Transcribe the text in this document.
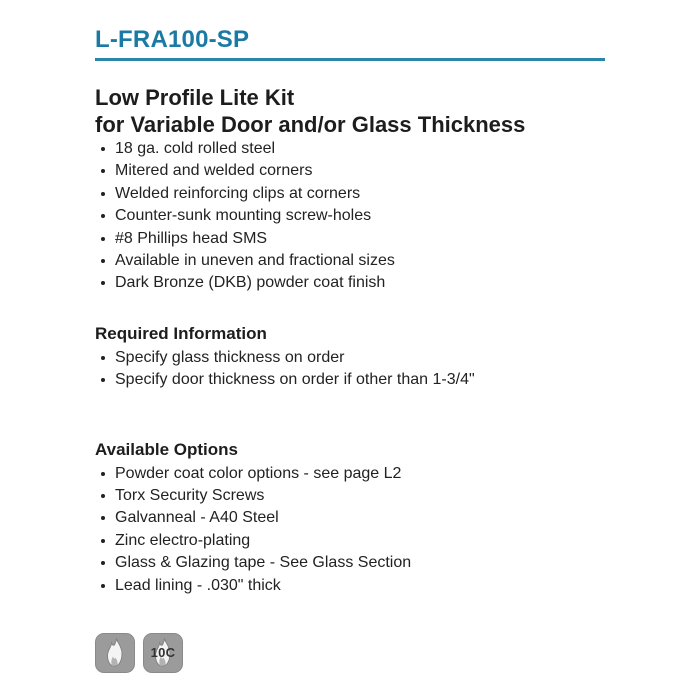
L-FRA100-SP
Low Profile Lite Kit
for Variable Door and/or Glass Thickness
18 ga. cold rolled steel
Mitered and welded corners
Welded reinforcing clips at corners
Counter-sunk mounting screw-holes
#8 Phillips head SMS
Available in uneven and fractional sizes
Dark Bronze (DKB) powder coat finish
Required Information
Specify glass thickness on order
Specify door thickness on order if other than 1-3/4"
Available Options
Powder coat color options - see page L2
Torx Security Screws
Galvanneal - A40 Steel
Zinc electro-plating
Glass & Glazing tape - See Glass Section
Lead lining - .030" thick
10C
